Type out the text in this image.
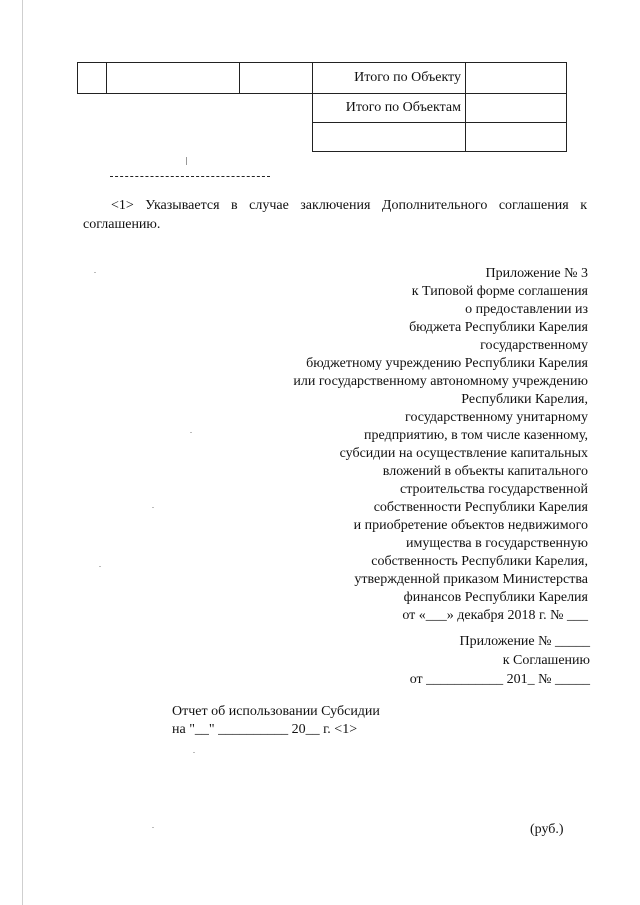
			Итого по Объекту	
			Итого по Объектам	

<1> Указывается в случае заключения Дополнительного соглашения к соглашению.
Приложение № 3
к Типовой форме соглашения
о предоставлении из
бюджета Республики Карелия
государственному
бюджетному учреждению Республики Карелия
или государственному автономному учреждению
Республики Карелия,
государственному унитарному
предприятию, в том числе казенному,
субсидии на осуществление капитальных
вложений в объекты капитального
строительства государственной
собственности Республики Карелия
и приобретение объектов недвижимого
имущества в государственную
собственность Республики Карелия,
утвержденной приказом Министерства
финансов Республики Карелия
от «___» декабря 2018 г. № ___
Приложение № _____
к Соглашению
от ___________ 201_ № _____
Отчет об использовании Субсидии
на "__" __________ 20__ г. <1>
(руб.)
